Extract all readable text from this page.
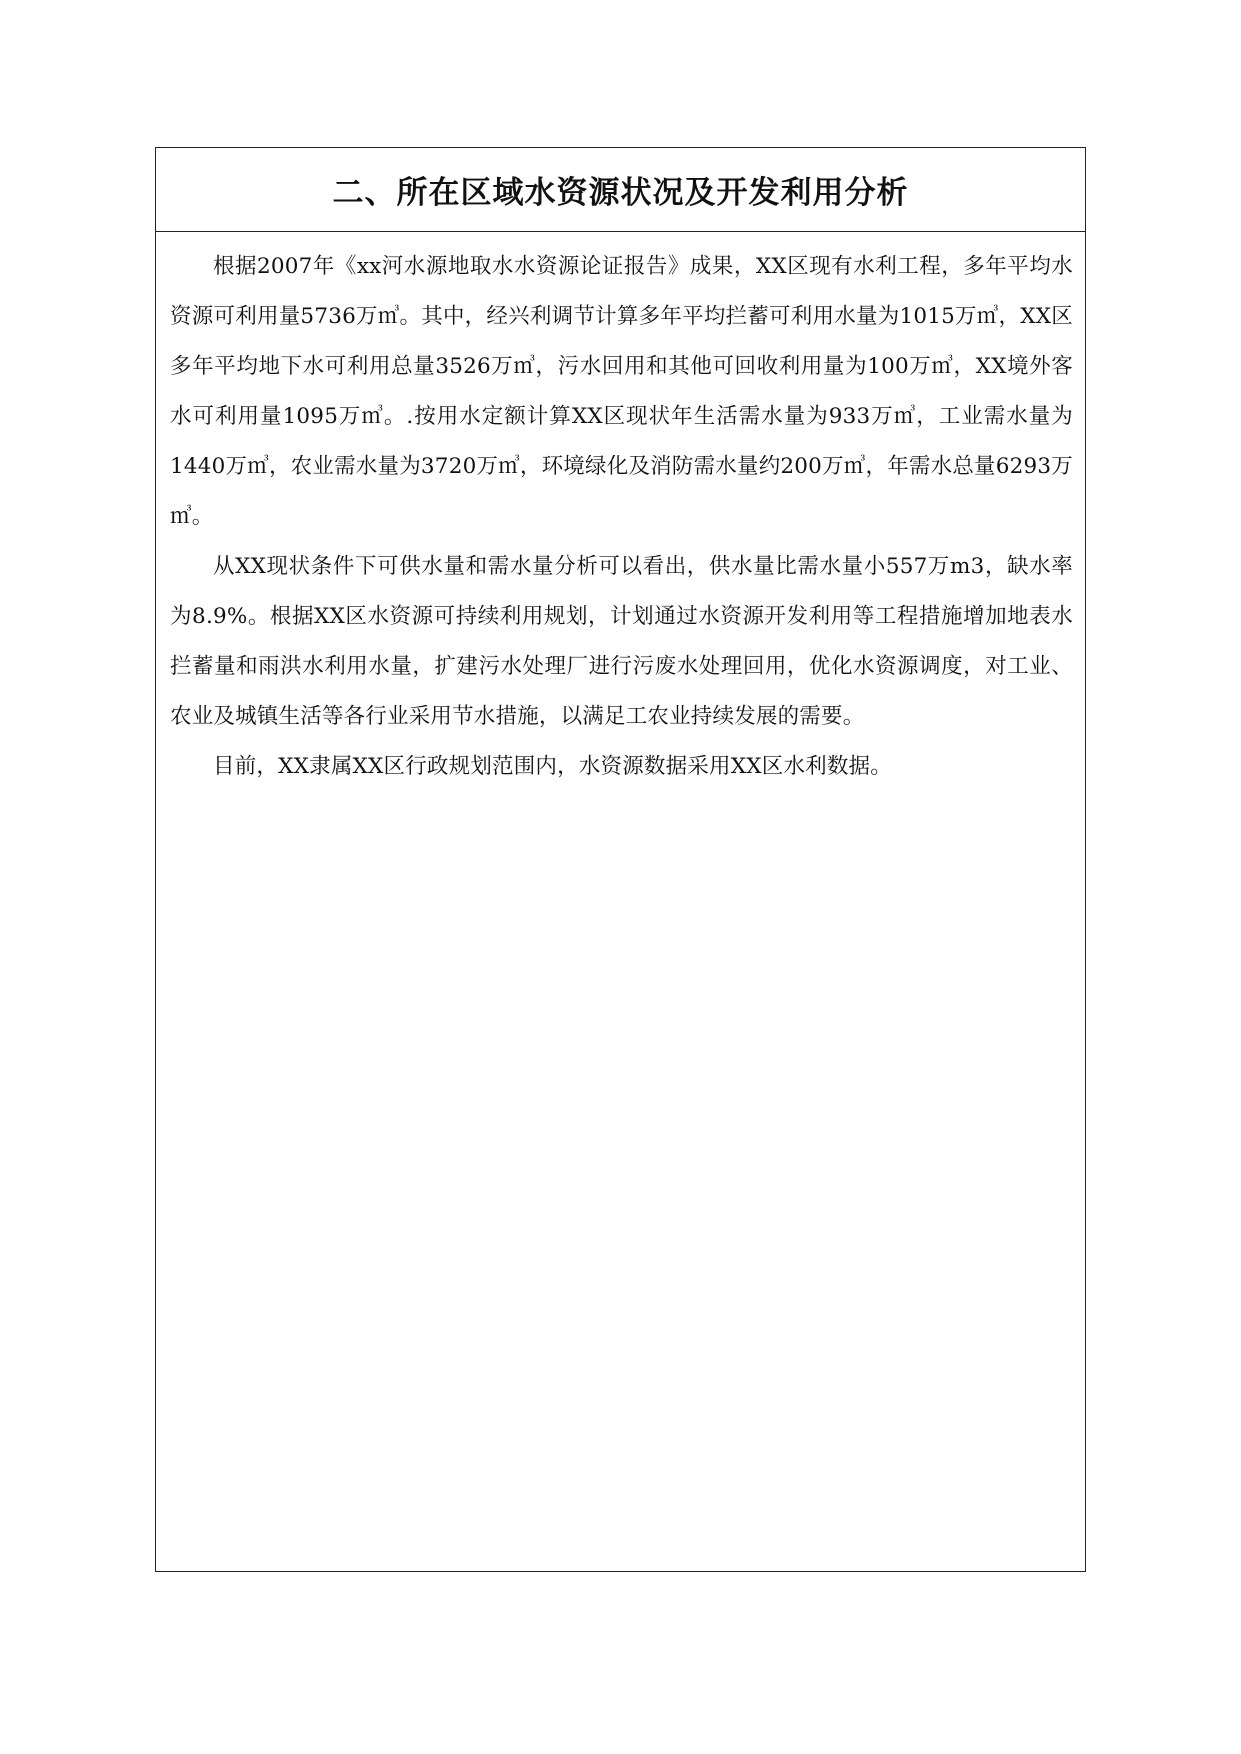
二、所在区域水资源状况及开发利用分析

根据2007年《xx河水源地取水水资源论证报告》成果，XX区现有水利工程，多年平均水资源可利用量5736万㎥。其中，经兴利调节计算多年平均拦蓄可利用水量为1015万㎥，XX区多年平均地下水可利用总量3526万㎥，污水回用和其他可回收利用量为100万㎥，XX境外客水可利用量1095万㎥。.按用水定额计算XX区现状年生活需水量为933万㎥，工业需水量为1440万㎥，农业需水量为3720万㎥，环境绿化及消防需水量约200万㎥，年需水总量6293万㎥。

从XX现状条件下可供水量和需水量分析可以看出，供水量比需水量小557万m3，缺水率为8.9%。根据XX区水资源可持续利用规划，计划通过水资源开发利用等工程措施增加地表水拦蓄量和雨洪水利用水量，扩建污水处理厂进行污废水处理回用，优化水资源调度，对工业、农业及城镇生活等各行业采用节水措施，以满足工农业持续发展的需要。

目前，XX隶属XX区行政规划范围内，水资源数据采用XX区水利数据。
